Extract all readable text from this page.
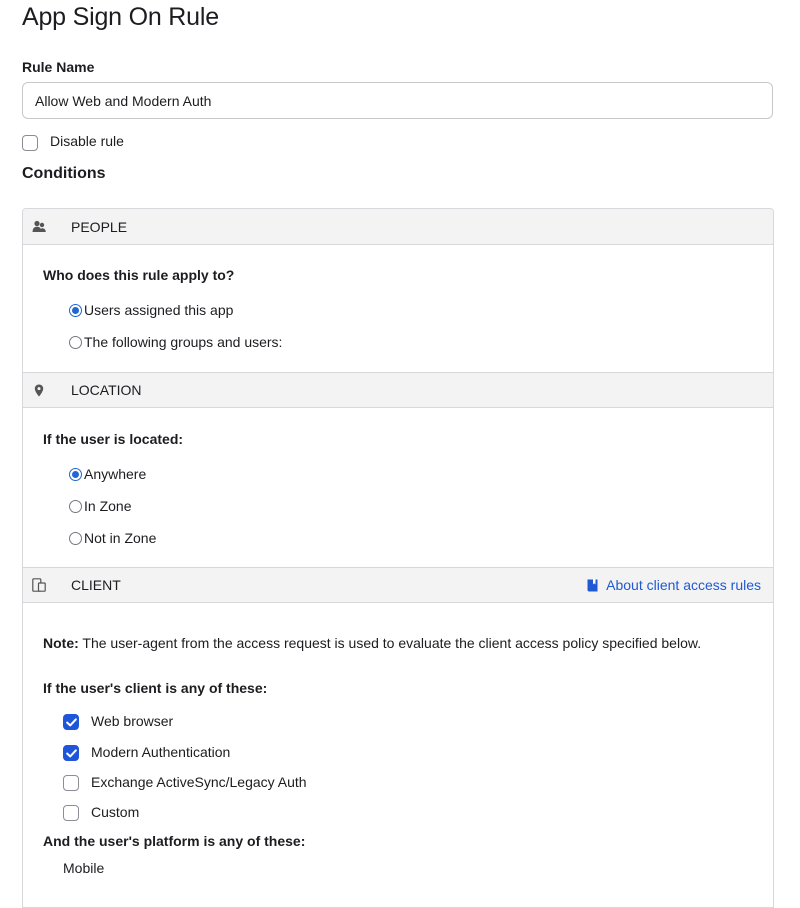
App Sign On Rule
Rule Name
Allow Web and Modern Auth
Disable rule
Conditions
PEOPLE
Who does this rule apply to?
Users assigned this app
The following groups and users:
LOCATION
If the user is located:
Anywhere
In Zone
Not in Zone
CLIENT	About client access rules
Note: The user-agent from the access request is used to evaluate the client access policy specified below.
If the user's client is any of these:
Web browser
Modern Authentication
Exchange ActiveSync/Legacy Auth
Custom
And the user's platform is any of these:
Mobile
